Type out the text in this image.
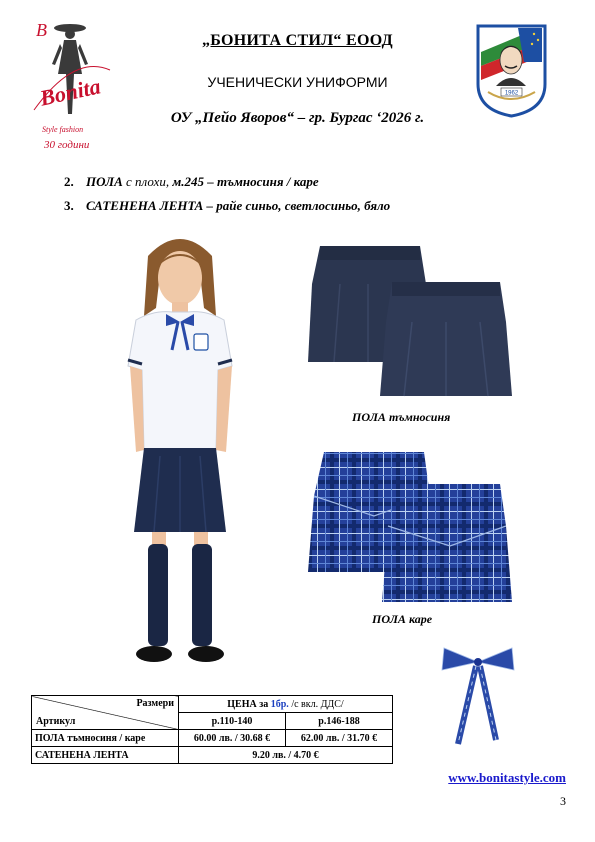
B
Bonita
Style fashion
30 години
„БОНИТА СТИЛ“ ЕООД
УЧЕНИЧЕСКИ УНИФОРМИ
ОУ „Пейо Яворов“ – гр. Бургас ‘2026 г.
1962
2. ПОЛА с плохи, м.245 – тъмносиня / каре
3. САТЕНЕНА ЛЕНТА – райе синьо, светлосиньо, бяло
ПОЛА тъмносиня
ПОЛА каре
Размери
Артикул	ЦЕНА за 1бр. /с вкл. ДДС/	
	р.110-140	р.146-188
ПОЛА тъмносиня / каре	60.00 лв. / 30.68 €	62.00 лв. / 31.70 €
САТЕНЕНА ЛЕНТА	9.20 лв. / 4.70 €	
www.bonitastyle.com
3
